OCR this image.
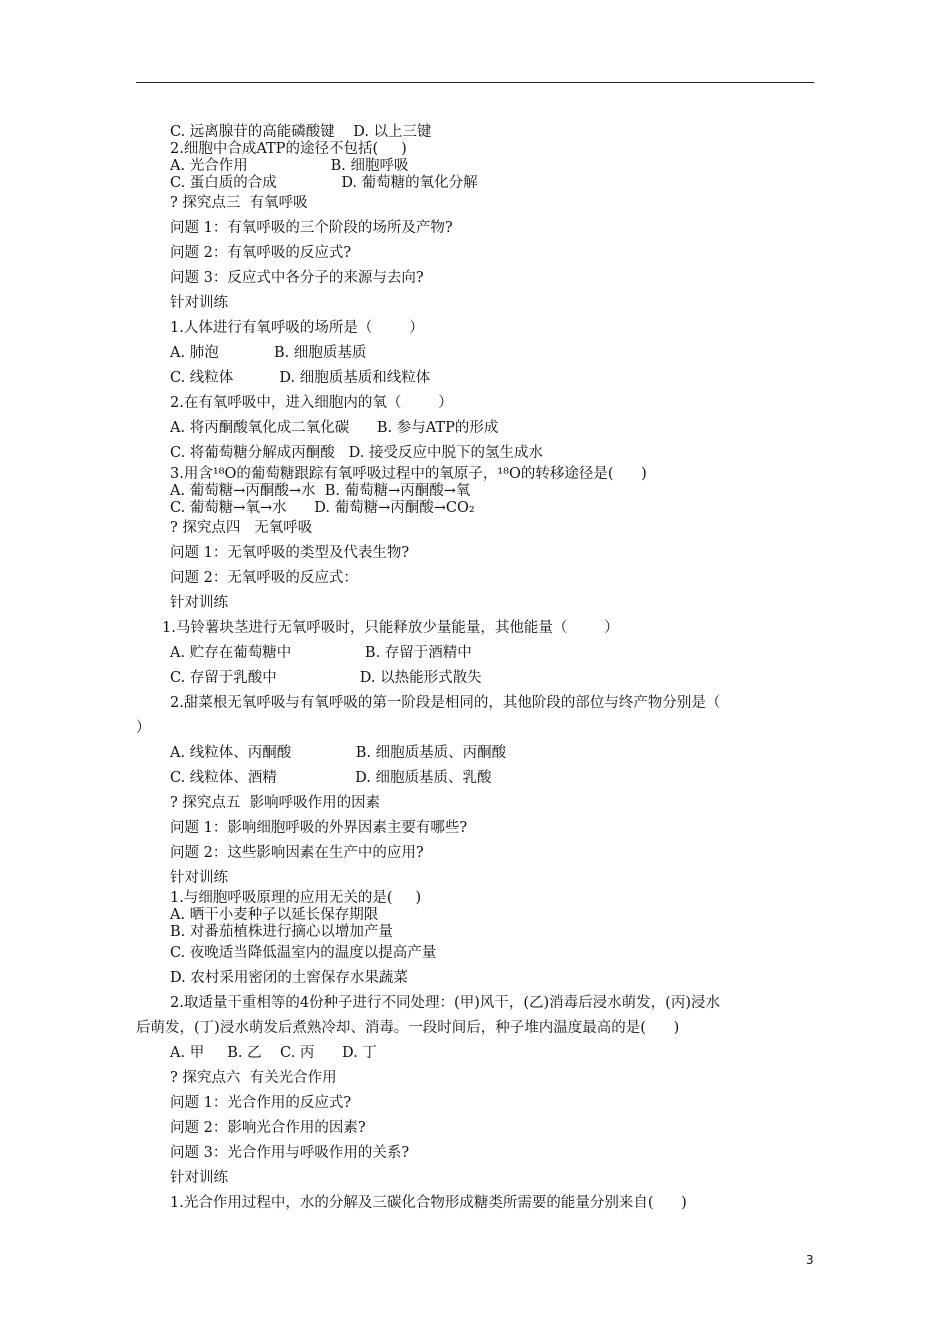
C. 远离腺苷的高能磷酸键    D. 以上三键
2.细胞中合成ATP的途径不包括(     )
A. 光合作用                  B. 细胞呼吸
C. 蛋白质的合成              D. 葡萄糖的氧化分解
? 探究点三  有氧呼吸
问题 1：有氧呼吸的三个阶段的场所及产物?
问题 2：有氧呼吸的反应式?
问题 3：反应式中各分子的来源与去向?
针对训练
1.人体进行有氧呼吸的场所是（        ）
A. 肺泡            B. 细胞质基质
C. 线粒体          D. 细胞质基质和线粒体
2.在有氧呼吸中，进入细胞内的氧（        ）
A. 将丙酮酸氧化成二氧化碳      B. 参与ATP的形成
C. 将葡萄糖分解成丙酮酸   D. 接受反应中脱下的氢生成水
3.用含¹⁸O的葡萄糖跟踪有氧呼吸过程中的氧原子，¹⁸O的转移途径是(      )
A. 葡萄糖→丙酮酸→水  B. 葡萄糖→丙酮酸→氧
C. 葡萄糖→氧→水      D. 葡萄糖→丙酮酸→CO₂
? 探究点四   无氧呼吸
问题 1：无氧呼吸的类型及代表生物?
问题 2：无氧呼吸的反应式：
针对训练
1.马铃薯块茎进行无氧呼吸时，只能释放少量能量，其他能量（        ）
A. 贮存在葡萄糖中                B. 存留于酒精中
C. 存留于乳酸中                  D. 以热能形式散失
2.甜菜根无氧呼吸与有氧呼吸的第一阶段是相同的，其他阶段的部位与终产物分别是（
）
A. 线粒体、丙酮酸              B. 细胞质基质、丙酮酸
C. 线粒体、酒精                 D. 细胞质基质、乳酸
? 探究点五  影响呼吸作用的因素
问题 1：影响细胞呼吸的外界因素主要有哪些?
问题 2：这些影响因素在生产中的应用?
针对训练
1.与细胞呼吸原理的应用无关的是(     )
A. 晒干小麦种子以延长保存期限
B. 对番茄植株进行摘心以增加产量
C. 夜晚适当降低温室内的温度以提高产量
D. 农村采用密闭的土窖保存水果蔬菜
2.取适量干重相等的4份种子进行不同处理：(甲)风干，(乙)消毒后浸水萌发，(丙)浸水
后萌发，(丁)浸水萌发后煮熟冷却、消毒。一段时间后，种子堆内温度最高的是(      )
A. 甲     B. 乙    C. 丙      D. 丁
? 探究点六  有关光合作用
问题 1：光合作用的反应式?
问题 2：影响光合作用的因素?
问题 3：光合作用与呼吸作用的关系?
针对训练
1.光合作用过程中，水的分解及三碳化合物形成糖类所需要的能量分别来自(      )
3
